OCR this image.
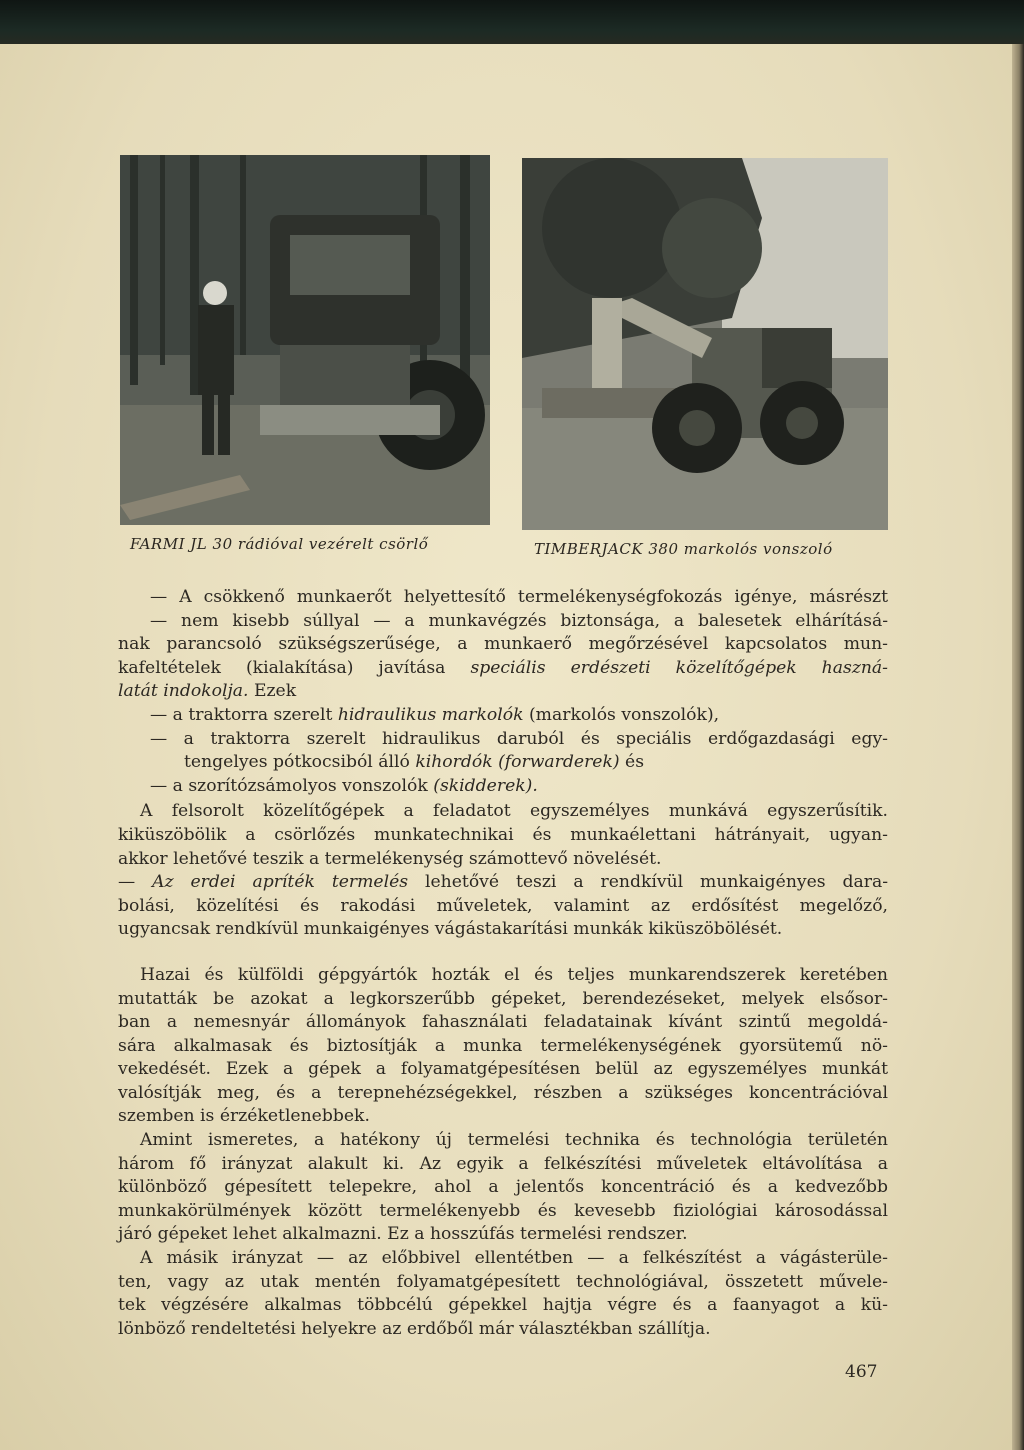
FARMI JL 30 rádióval vezérelt csörlő	TIMBERJACK 380 markolós vonszoló
— A csökkenő munkaerőt helyettesítő termelékenységfokozás igénye, másrészt
— nem kisebb súllyal — a munkavégzés biztonsága, a balesetek elhárításá-
nak parancsoló szükségszerűsége, a munkaerő megőrzésével kapcsolatos mun-
kafeltételek (kialakítása) javítása speciális erdészeti közelítőgépek haszná-
latát indokolja. Ezek
— a traktorra szerelt hidraulikus markolók (markolós vonszolók),
— a traktorra szerelt hidraulikus daruból és speciális erdőgazdasági egy-
tengelyes pótkocsiból álló kihordók (forwarderek) és
— a szorítózsámolyos vonszolók (skidderek).
A felsorolt közelítőgépek a feladatot egyszemélyes munkává egyszerűsítik.
kiküszöbölik a csörlőzés munkatechnikai és munkaélettani hátrányait, ugyan-
akkor lehetővé teszik a termelékenység számottevő növelését.
— Az erdei apríték termelés lehetővé teszi a rendkívül munkaigényes dara-
bolási, közelítési és rakodási műveletek, valamint az erdősítést megelőző,
ugyancsak rendkívül munkaigényes vágástakarítási munkák kiküszöbölését.
Hazai és külföldi gépgyártók hozták el és teljes munkarendszerek keretében
mutatták be azokat a legkorszerűbb gépeket, berendezéseket, melyek elsősor-
ban a nemesnyár állományok fahasználati feladatainak kívánt szintű megoldá-
sára alkalmasak és biztosítják a munka termelékenységének gyorsütemű nö-
vekedését. Ezek a gépek a folyamatgépesítésen belül az egyszemélyes munkát
valósítják meg, és a terepnehézségekkel, részben a szükséges koncentrációval
szemben is érzéketlenebbek.
Amint ismeretes, a hatékony új termelési technika és technológia területén
három fő irányzat alakult ki. Az egyik a felkészítési műveletek eltávolítása a
különböző gépesített telepekre, ahol a jelentős koncentráció és a kedvezőbb
munkakörülmények között termelékenyebb és kevesebb fiziológiai károsodással
járó gépeket lehet alkalmazni. Ez a hosszúfás termelési rendszer.
A másik irányzat — az előbbivel ellentétben — a felkészítést a vágásterüle-
ten, vagy az utak mentén folyamatgépesített technológiával, összetett művele-
tek végzésére alkalmas többcélú gépekkel hajtja végre és a faanyagot a kü-
lönböző rendeltetési helyekre az erdőből már választékban szállítja.
467
